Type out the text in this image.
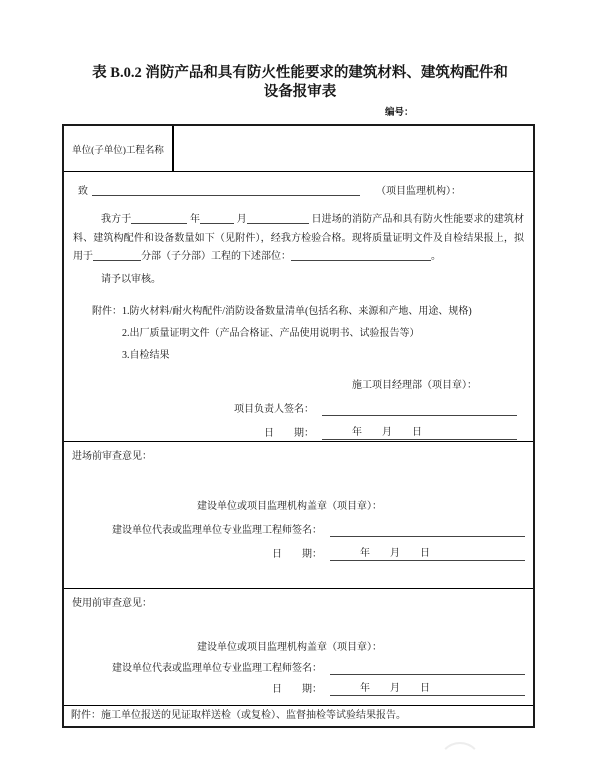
表 B.0.2 消防产品和具有防火性能要求的建筑材料、建筑构配件和设备报审表
编号：
单位(子单位)工程名称
致	（项目监理机构）：
我方于	年	月	日进场的消防产品和具有防火性能要求的建筑材料、建筑构配件和设备数量如下（见附件），经我方检验合格。现将质量证明文件及自检结果报上，拟用于	分部（子分部）工程的下述部位：	。
请予以审核。
附件： 1.防火材料/耐火构配件/消防设备数量清单(包括名称、来源和产地、用途、规格)
2.出厂质量证明文件（产品合格证、产品使用说明书、试验报告等）
3.自检结果
施工项目经理部（项目章）：
项目负责人签名：
日　　期：	年　　月　　日
进场前审查意见：
建设单位或项目监理机构盖章（项目章）：
建设单位代表或监理单位专业监理工程师签名：
日　　期：	年　　月　　日
使用前审查意见：
建设单位或项目监理机构盖章（项目章）：
建设单位代表或监理单位专业监理工程师签名：
日　　期：	年　　月　　日
附件：施工单位报送的见证取样送检（或复检）、监督抽检等试验结果报告。
